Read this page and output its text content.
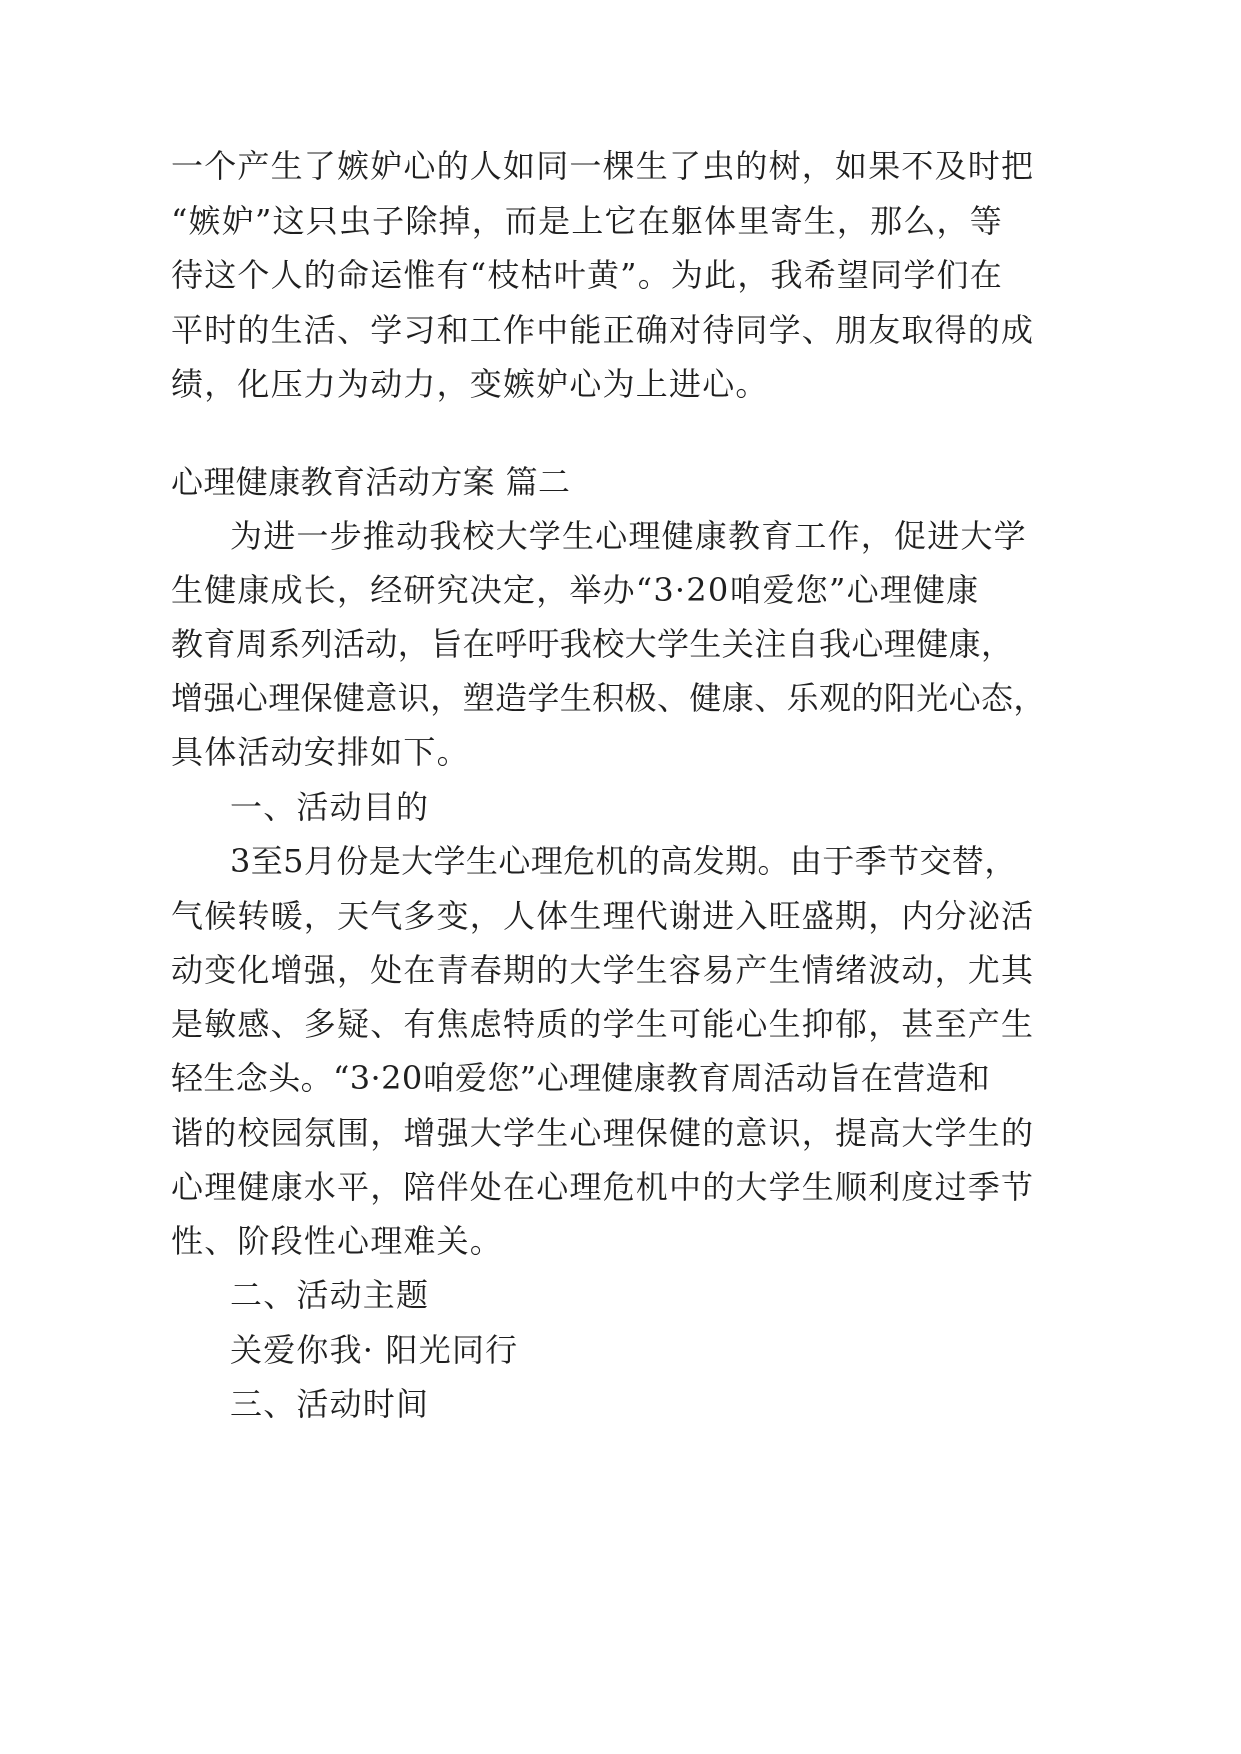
一个产生了嫉妒心的人如同一棵生了虫的树，如果不及时把
“嫉妒”这只虫子除掉，而是上它在躯体里寄生，那么，等
待这个人的命运惟有“枝枯叶黄”。为此，我希望同学们在
平时的生活、学习和工作中能正确对待同学、朋友取得的成
绩，化压力为动力，变嫉妒心为上进心。
心理健康教育活动方案 篇二
为进一步推动我校大学生心理健康教育工作，促进大学
生健康成长，经研究决定，举办“3·20咱爱您”心理健康
教育周系列活动，旨在呼吁我校大学生关注自我心理健康，
增强心理保健意识，塑造学生积极、健康、乐观的阳光心态，
具体活动安排如下。
一、活动目的
3至5月份是大学生心理危机的高发期。由于季节交替，
气候转暖，天气多变，人体生理代谢进入旺盛期，内分泌活
动变化增强，处在青春期的大学生容易产生情绪波动，尤其
是敏感、多疑、有焦虑特质的学生可能心生抑郁，甚至产生
轻生念头。“3·20咱爱您”心理健康教育周活动旨在营造和
谐的校园氛围，增强大学生心理保健的意识，提高大学生的
心理健康水平，陪伴处在心理危机中的大学生顺利度过季节
性、阶段性心理难关。
二、活动主题
关爱你我· 阳光同行
三、活动时间
